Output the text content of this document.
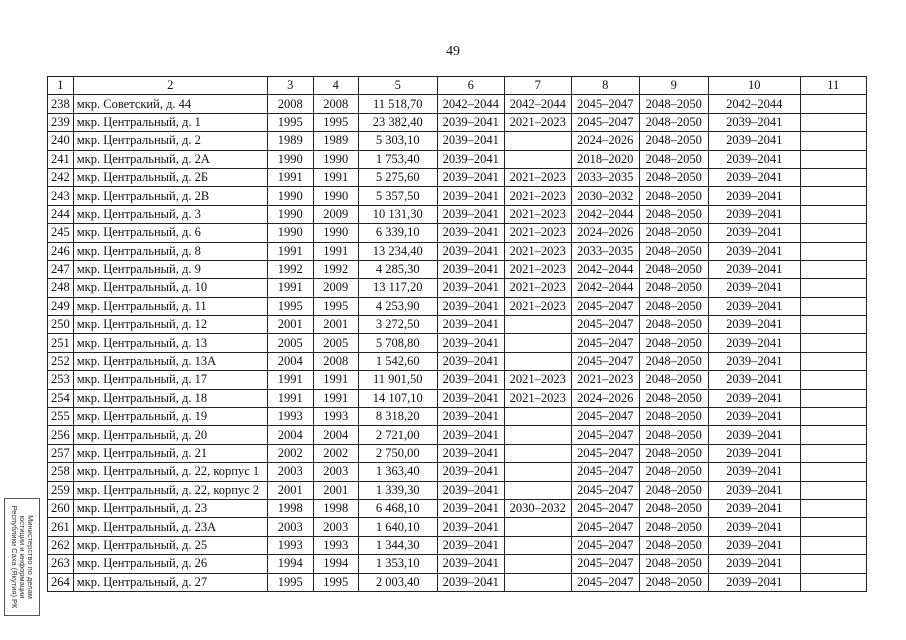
49
1	2	3	4	5	6	7	8	9	10	11
238	мкр. Советский, д. 44	2008	2008	11 518,70	2042–2044	2042–2044	2045–2047	2048–2050	2042–2044	
239	мкр. Центральный, д. 1	1995	1995	23 382,40	2039–2041	2021–2023	2045–2047	2048–2050	2039–2041	
240	мкр. Центральный, д. 2	1989	1989	5 303,10	2039–2041		2024–2026	2048–2050	2039–2041	
241	мкр. Центральный, д. 2А	1990	1990	1 753,40	2039–2041		2018–2020	2048–2050	2039–2041	
242	мкр. Центральный, д. 2Б	1991	1991	5 275,60	2039–2041	2021–2023	2033–2035	2048–2050	2039–2041	
243	мкр. Центральный, д. 2В	1990	1990	5 357,50	2039–2041	2021–2023	2030–2032	2048–2050	2039–2041	
244	мкр. Центральный, д. 3	1990	2009	10 131,30	2039–2041	2021–2023	2042–2044	2048–2050	2039–2041	
245	мкр. Центральный, д. 6	1990	1990	6 339,10	2039–2041	2021–2023	2024–2026	2048–2050	2039–2041	
246	мкр. Центральный, д. 8	1991	1991	13 234,40	2039–2041	2021–2023	2033–2035	2048–2050	2039–2041	
247	мкр. Центральный, д. 9	1992	1992	4 285,30	2039–2041	2021–2023	2042–2044	2048–2050	2039–2041	
248	мкр. Центральный, д. 10	1991	2009	13 117,20	2039–2041	2021–2023	2042–2044	2048–2050	2039–2041	
249	мкр. Центральный, д. 11	1995	1995	4 253,90	2039–2041	2021–2023	2045–2047	2048–2050	2039–2041	
250	мкр. Центральный, д. 12	2001	2001	3 272,50	2039–2041		2045–2047	2048–2050	2039–2041	
251	мкр. Центральный, д. 13	2005	2005	5 708,80	2039–2041		2045–2047	2048–2050	2039–2041	
252	мкр. Центральный, д. 13А	2004	2008	1 542,60	2039–2041		2045–2047	2048–2050	2039–2041	
253	мкр. Центральный, д. 17	1991	1991	11 901,50	2039–2041	2021–2023	2021–2023	2048–2050	2039–2041	
254	мкр. Центральный, д. 18	1991	1991	14 107,10	2039–2041	2021–2023	2024–2026	2048–2050	2039–2041	
255	мкр. Центральный, д. 19	1993	1993	8 318,20	2039–2041		2045–2047	2048–2050	2039–2041	
256	мкр. Центральный, д. 20	2004	2004	2 721,00	2039–2041		2045–2047	2048–2050	2039–2041	
257	мкр. Центральный, д. 21	2002	2002	2 750,00	2039–2041		2045–2047	2048–2050	2039–2041	
258	мкр. Центральный, д. 22, корпус 1	2003	2003	1 363,40	2039–2041		2045–2047	2048–2050	2039–2041	
259	мкр. Центральный, д. 22, корпус 2	2001	2001	1 339,30	2039–2041		2045–2047	2048–2050	2039–2041	
260	мкр. Центральный, д. 23	1998	1998	6 468,10	2039–2041	2030–2032	2045–2047	2048–2050	2039–2041	
261	мкр. Центральный, д. 23А	2003	2003	1 640,10	2039–2041		2045–2047	2048–2050	2039–2041	
262	мкр. Центральный, д. 25	1993	1993	1 344,30	2039–2041		2045–2047	2048–2050	2039–2041	
263	мкр. Центральный, д. 26	1994	1994	1 353,10	2039–2041		2045–2047	2048–2050	2039–2041	
264	мкр. Центральный, д. 27	1995	1995	2 003,40	2039–2041		2045–2047	2048–2050	2039–2041	
Министерство по делам
юстиции и информации
Республики Саха (Якутия) РК
